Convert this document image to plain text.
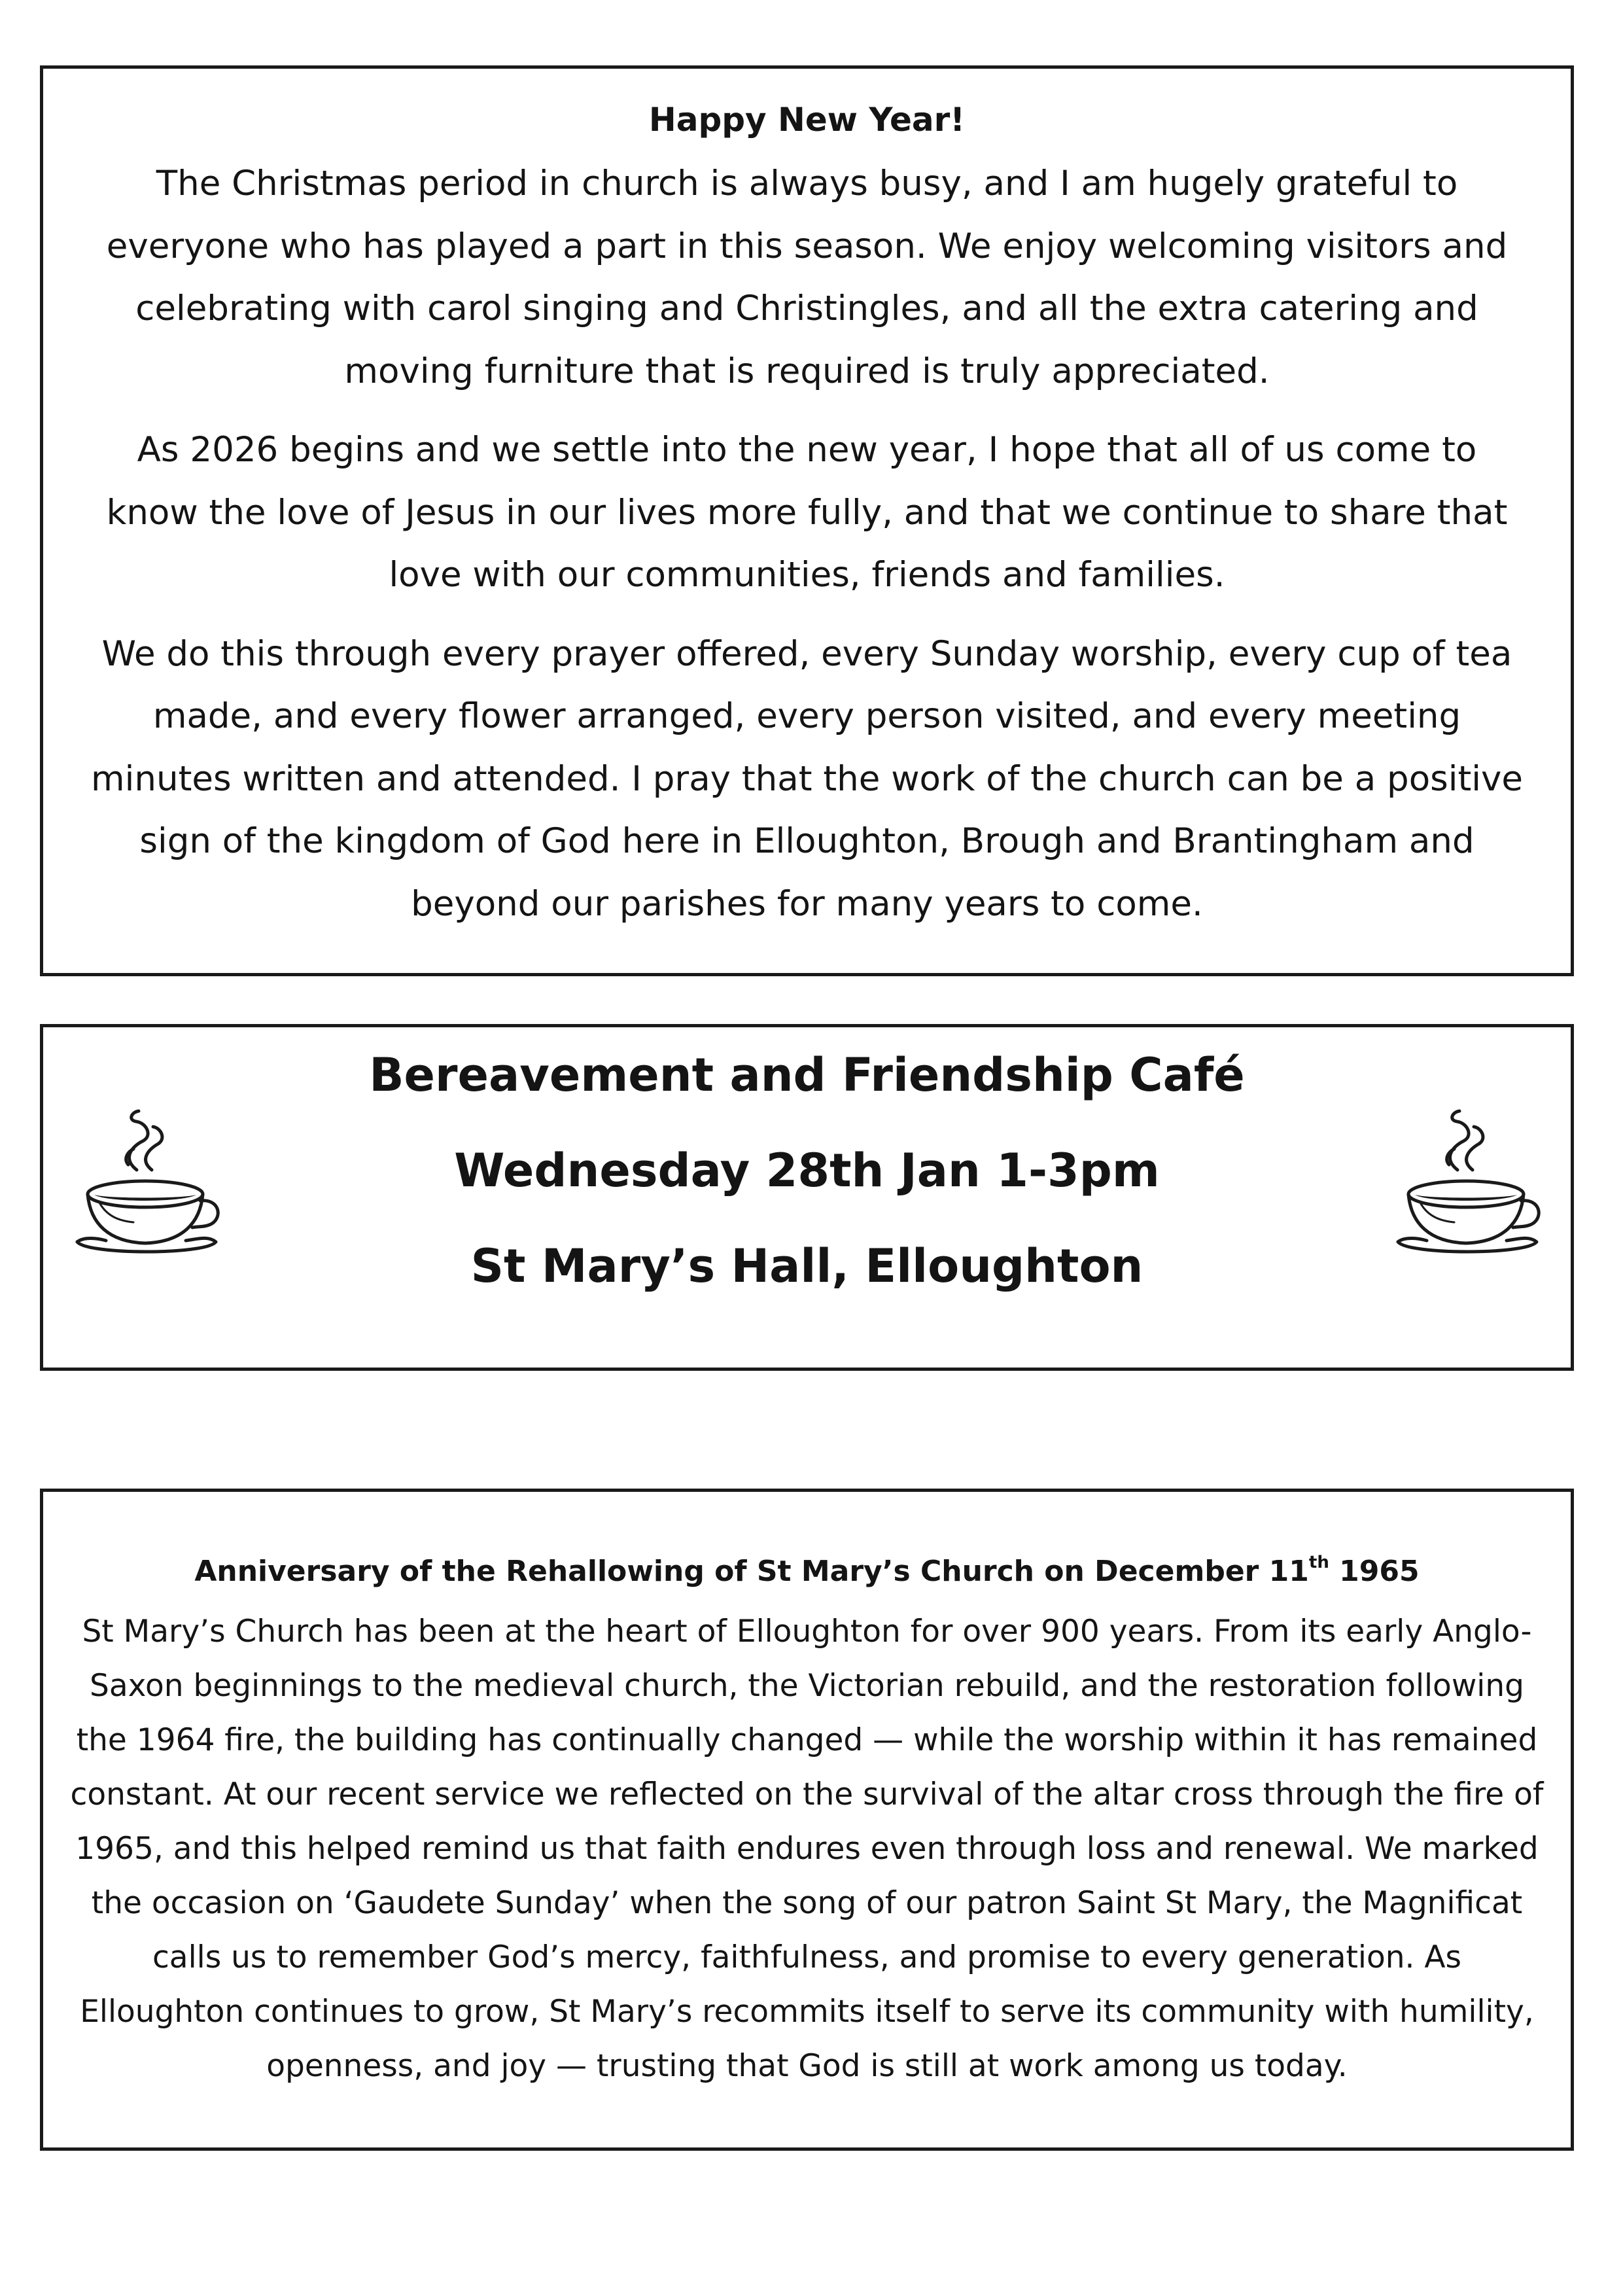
Happy New Year!

The Christmas period in church is always busy, and I am hugely grateful to everyone who has played a part in this season. We enjoy welcoming visitors and celebrating with carol singing and Christingles, and all the extra catering and moving furniture that is required is truly appreciated.

As 2026 begins and we settle into the new year, I hope that all of us come to know the love of Jesus in our lives more fully, and that we continue to share that love with our communities, friends and families.

We do this through every prayer offered, every Sunday worship, every cup of tea made, and every flower arranged, every person visited, and every meeting minutes written and attended. I pray that the work of the church can be a positive sign of the kingdom of God here in Elloughton, Brough and Brantingham and beyond our parishes for many years to come.

Bereavement and Friendship Café

Wednesday 28th Jan 1-3pm

St Mary’s Hall, Elloughton

Anniversary of the Rehallowing of St Mary’s Church on December 11th 1965

St Mary’s Church has been at the heart of Elloughton for over 900 years. From its early Anglo-Saxon beginnings to the medieval church, the Victorian rebuild, and the restoration following the 1964 fire, the building has continually changed — while the worship within it has remained constant. At our recent service we reflected on the survival of the altar cross through the fire of 1965, and this helped remind us that faith endures even through loss and renewal. We marked the occasion on ‘Gaudete Sunday’ when the song of our patron Saint St Mary, the Magnificat calls us to remember God’s mercy, faithfulness, and promise to every generation. As Elloughton continues to grow, St Mary’s recommits itself to serve its community with humility, openness, and joy — trusting that God is still at work among us today.
